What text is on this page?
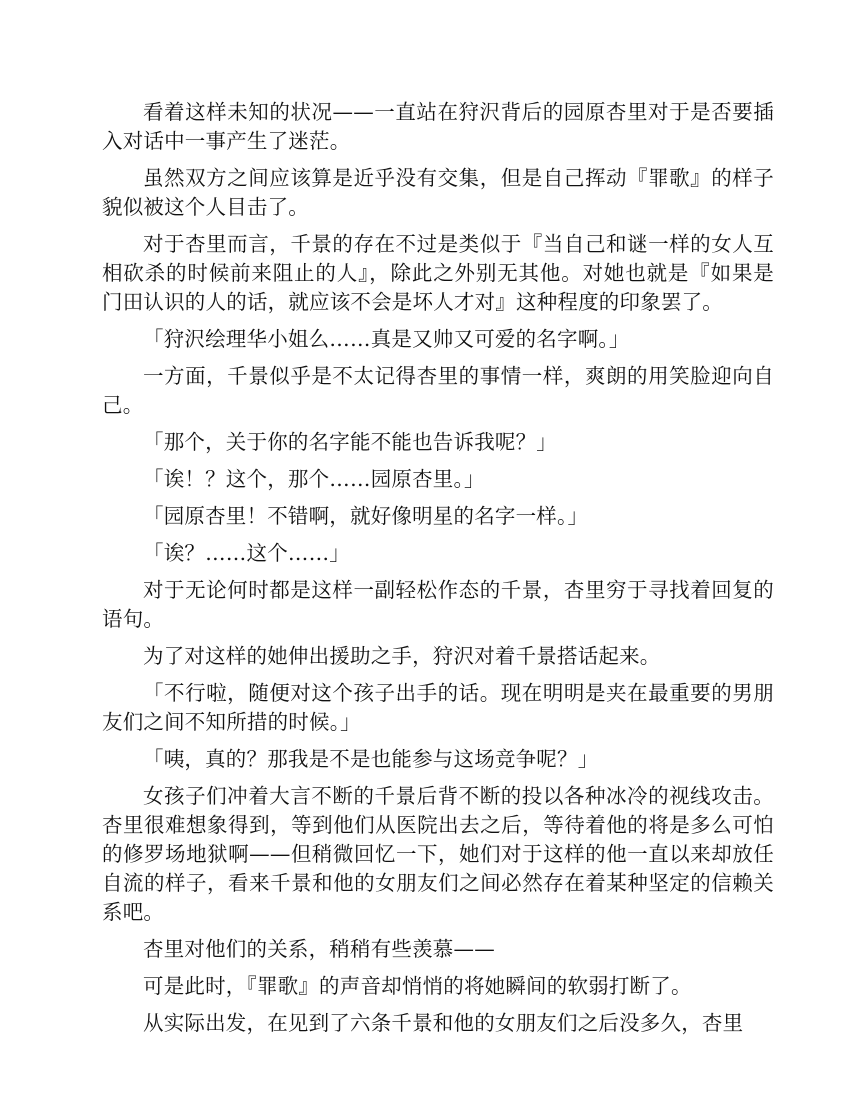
看着这样未知的状况——一直站在狩沢背后的园原杏里对于是否要插入对话中一事产生了迷茫。

虽然双方之间应该算是近乎没有交集，但是自己挥动『罪歌』的样子貌似被这个人目击了。

对于杏里而言，千景的存在不过是类似于『当自己和谜一样的女人互相砍杀的时候前来阻止的人』，除此之外别无其他。对她也就是『如果是门田认识的人的话，就应该不会是坏人才对』这种程度的印象罢了。

「狩沢绘理华小姐么……真是又帅又可爱的名字啊。」

一方面，千景似乎是不太记得杏里的事情一样，爽朗的用笑脸迎向自己。

「那个，关于你的名字能不能也告诉我呢？」

「诶！？这个，那个……园原杏里。」

「园原杏里！不错啊，就好像明星的名字一样。」

「诶？……这个……」

对于无论何时都是这样一副轻松作态的千景，杏里穷于寻找着回复的语句。

为了对这样的她伸出援助之手，狩沢对着千景搭话起来。

「不行啦，随便对这个孩子出手的话。现在明明是夹在最重要的男朋友们之间不知所措的时候。」

「咦，真的？那我是不是也能参与这场竞争呢？」

女孩子们冲着大言不断的千景后背不断的投以各种冰冷的视线攻击。杏里很难想象得到，等到他们从医院出去之后，等待着他的将是多么可怕的修罗场地狱啊——但稍微回忆一下，她们对于这样的他一直以来却放任自流的样子，看来千景和他的女朋友们之间必然存在着某种坚定的信赖关系吧。

杏里对他们的关系，稍稍有些羡慕——

可是此时，『罪歌』的声音却悄悄的将她瞬间的软弱打断了。

从实际出发，在见到了六条千景和他的女朋友们之后没多久，杏里
